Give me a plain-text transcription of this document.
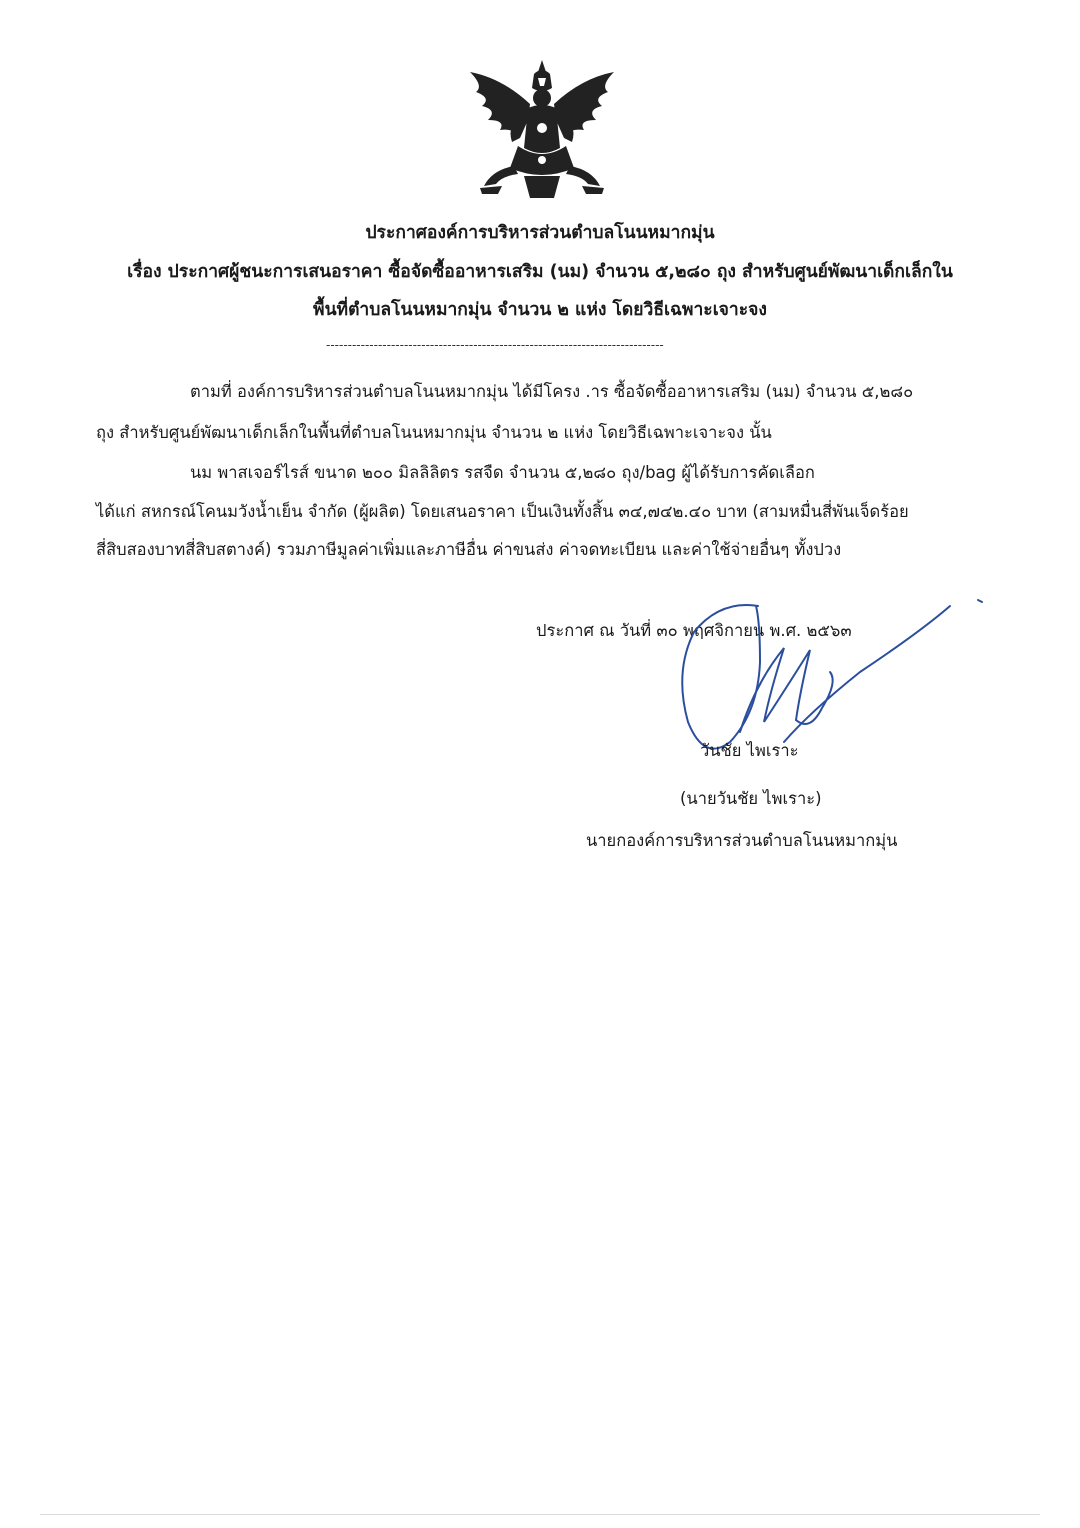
ประกาศองค์การบริหารส่วนตำบลโนนหมากมุ่น
เรื่อง ประกาศผู้ชนะการเสนอราคา ซื้อจัดซื้ออาหารเสริม (นม) จำนวน ๕,๒๘๐ ถุง สำหรับศูนย์พัฒนาเด็กเล็กใน
พื้นที่ตำบลโนนหมากมุ่น จำนวน ๒ แห่ง โดยวิธีเฉพาะเจาะจง
------------------------------------------------------------------------------
ตามที่ องค์การบริหารส่วนตำบลโนนหมากมุ่น ได้มีโครง .าร ซื้อจัดซื้ออาหารเสริม (นม) จำนวน ๕,๒๘๐
ถุง สำหรับศูนย์พัฒนาเด็กเล็กในพื้นที่ตำบลโนนหมากมุ่น จำนวน ๒ แห่ง โดยวิธีเฉพาะเจาะจง นั้น
นม พาสเจอร์ไรส์ ขนาด ๒๐๐ มิลลิลิตร รสจืด จำนวน ๕,๒๘๐ ถุง/bag ผู้ได้รับการคัดเลือก
ได้แก่ สหกรณ์โคนมวังน้ำเย็น จำกัด (ผู้ผลิต) โดยเสนอราคา เป็นเงินทั้งสิ้น ๓๔,๗๔๒.๔๐ บาท (สามหมื่นสี่พันเจ็ดร้อย
สี่สิบสองบาทสี่สิบสตางค์) รวมภาษีมูลค่าเพิ่มและภาษีอื่น ค่าขนส่ง ค่าจดทะเบียน และค่าใช้จ่ายอื่นๆ ทั้งปวง
ประกาศ ณ วันที่ ๓๐ พฤศจิกายน พ.ศ. ๒๕๖๓
วันชัย ไพเราะ
(นายวันชัย ไพเราะ)
นายกองค์การบริหารส่วนตำบลโนนหมากมุ่น
